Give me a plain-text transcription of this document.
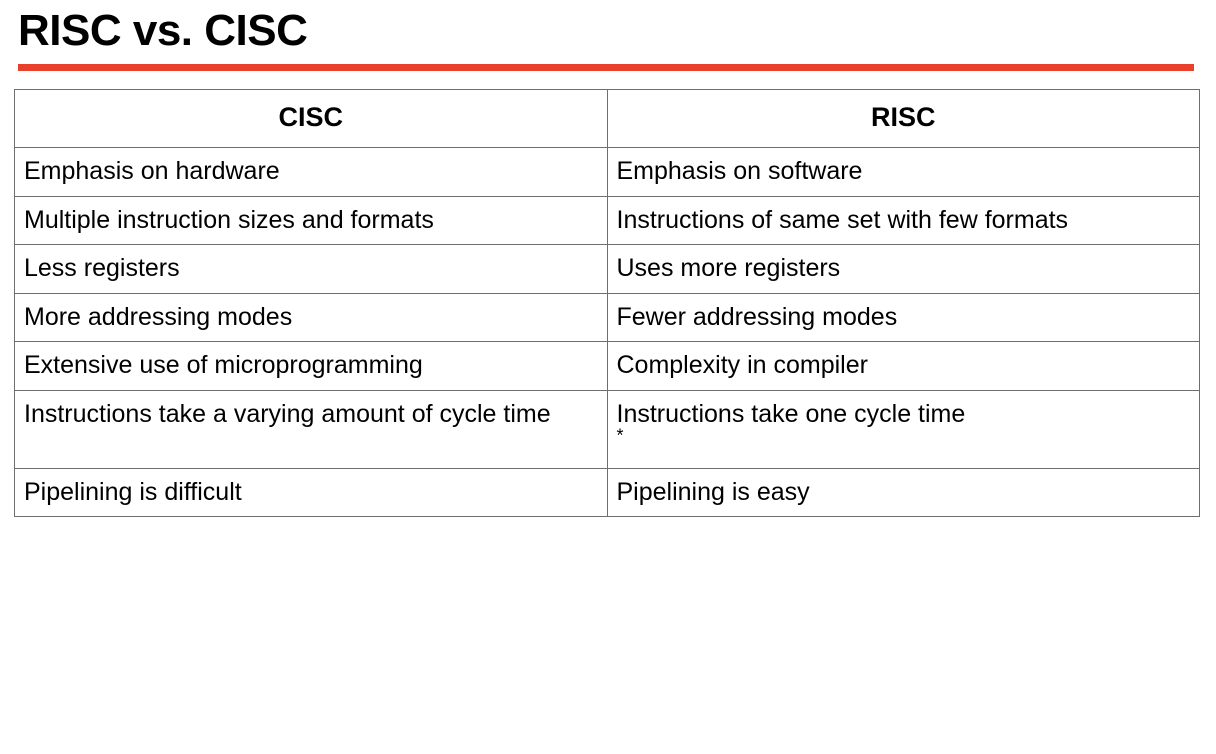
RISC vs. CISC
CISC	RISC

Emphasis on hardware	Emphasis on software

Multiple instruction sizes and formats	Instructions of same set with few formats

Less registers	Uses more registers

More addressing modes	Fewer addressing modes

Extensive use of microprogramming	Complexity in compiler

Instructions take a varying amount of cycle time	Instructions take one cycle time
*

Pipelining is difficult	Pipelining is easy
